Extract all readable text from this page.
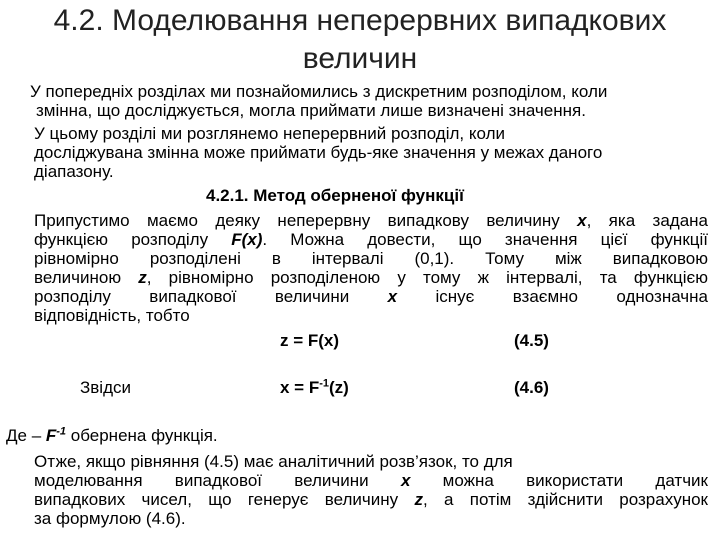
4.2. Моделювання неперервних випадкових величин
У попередніх розділах ми познайомились з дискретним розподілом, коли
змінна, що досліджується, могла приймати лише визначені значення.
У цьому розділі ми розглянемо неперервний розподіл, коли
досліджувана змінна може приймати будь-яке значення у межах даного
діапазону.
4.2.1. Метод оберненої функції
Припустимо маємо деяку неперервну випадкову величину x, яка задана
функцією розподілу F(x). Можна довести, що значення цієї функції
рівномірно розподілені в інтервалі (0,1). Тому між випадковою
величиною z, рівномірно розподіленою у тому ж інтервалі, та функцією
розподілу випадкової величини x існує взаємно однозначна
відповідність, тобто
z = F(x)	(4.5)
Звідси	$x = F^{-1}(z)$	(4.6)
Де – $F^{-1}$ обернена функція.
Отже, якщо рівняння (4.5) має аналітичний розв’язок, то для
моделювання випадкової величини x можна використати датчик
випадкових чисел, що генерує величину z, а потім здійснити розрахунок
за формулою (4.6).
